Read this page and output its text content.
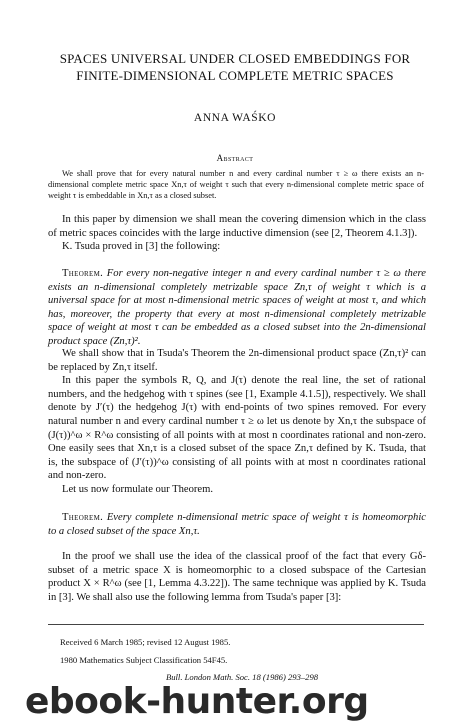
SPACES UNIVERSAL UNDER CLOSED EMBEDDINGS FOR
FINITE-DIMENSIONAL COMPLETE METRIC SPACES
ANNA WAŚKO
Abstract

We shall prove that for every natural number n and every cardinal number τ ≥ ω there exists an n-dimensional complete metric space Xn,τ of weight τ such that every n-dimensional complete metric space of weight τ is embeddable in Xn,τ as a closed subset.

In this paper by dimension we shall mean the covering dimension which in the class of metric spaces coincides with the large inductive dimension (see [2, Theorem 4.1.3]).

K. Tsuda proved in [3] the following:

Theorem. For every non-negative integer n and every cardinal number τ ≥ ω there exists an n-dimensional completely metrizable space Zn,τ of weight τ which is a universal space for at most n-dimensional metric spaces of weight at most τ, and which has, moreover, the property that every at most n-dimensional completely metrizable space of weight at most τ can be embedded as a closed subset into the 2n-dimensional product space (Zn,τ)².

We shall show that in Tsuda's Theorem the 2n-dimensional product space (Zn,τ)² can be replaced by Zn,τ itself.

In this paper the symbols R, Q, and J(τ) denote the real line, the set of rational numbers, and the hedgehog with τ spines (see [1, Example 4.1.5]), respectively. We shall denote by J′(τ) the hedgehog J(τ) with end-points of two spines removed. For every natural number n and every cardinal number τ ≥ ω let us denote by Xn,τ the subspace of (J(τ))^ω × R^ω consisting of all points with at most n coordinates rational and non-zero. One easily sees that Xn,τ is a closed subset of the space Zn,τ defined by K. Tsuda, that is, the subspace of (J′(τ))^ω consisting of all points with at most n coordinates rational and non-zero.

Let us now formulate our Theorem.

Theorem. Every complete n-dimensional metric space of weight τ is homeomorphic to a closed subset of the space Xn,τ.

In the proof we shall use the idea of the classical proof of the fact that every Gδ-subset of a metric space X is homeomorphic to a closed subspace of the Cartesian product X × R^ω (see [1, Lemma 4.3.22]). The same technique was applied by K. Tsuda in [3]. We shall also use the following lemma from Tsuda's paper [3]:

Received 6 March 1985; revised 12 August 1985.
1980 Mathematics Subject Classification 54F45.
Bull. London Math. Soc. 18 (1986) 293–298
ebook-hunter.org
